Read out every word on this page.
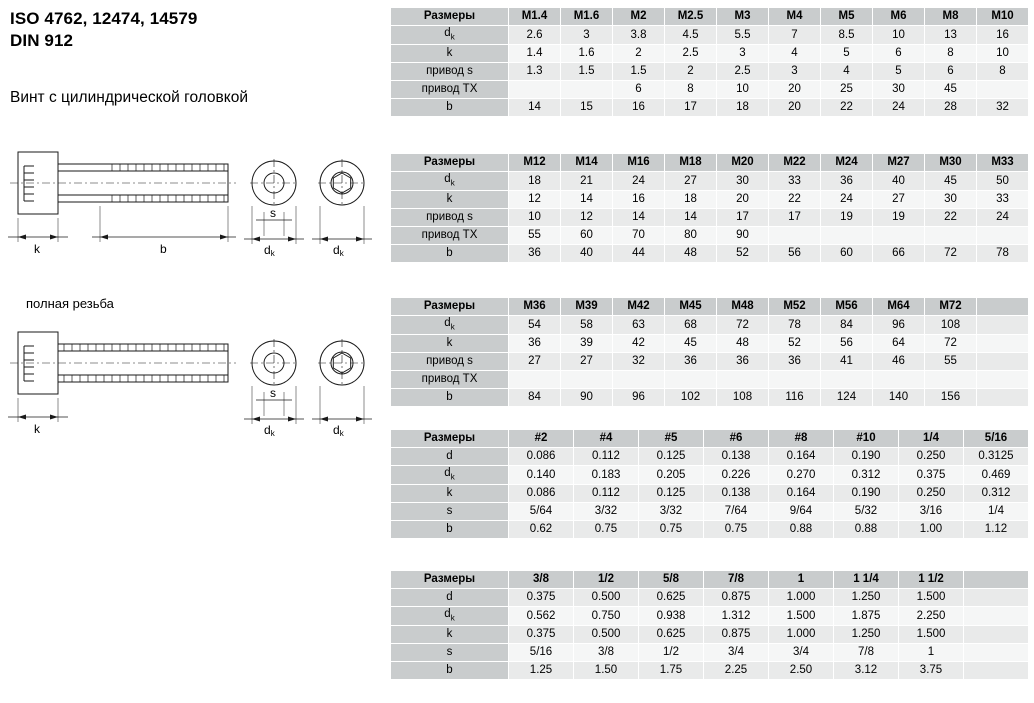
ISO 4762, 12474, 14579
DIN 912
Винт с цилиндрической головкой
k	b
s
dk	dk
полная резьба
k
s
dk	dk
Размеры	M1.4	M1.6	M2	M2.5	M3	M4	M5	M6	M8	M10
$d_k$	2.6	3	3.8	4.5	5.5	7	8.5	10	13	16
k	1.4	1.6	2	2.5	3	4	5	6	8	10
привод s	1.3	1.5	1.5	2	2.5	3	4	5	6	8
привод TX			6	8	10	20	25	30	45	
b	14	15	16	17	18	20	22	24	28	32
Размеры	M12	M14	M16	M18	M20	M22	M24	M27	M30	M33
$d_k$	18	21	24	27	30	33	36	40	45	50
k	12	14	16	18	20	22	24	27	30	33
привод s	10	12	14	14	17	17	19	19	22	24
привод TX	55	60	70	80	90					
b	36	40	44	48	52	56	60	66	72	78
Размеры	M36	M39	M42	M45	M48	M52	M56	M64	M72	
$d_k$	54	58	63	68	72	78	84	96	108	
k	36	39	42	45	48	52	56	64	72	
привод s	27	27	32	36	36	36	41	46	55	
привод TX										
b	84	90	96	102	108	116	124	140	156	
Размеры	#2	#4	#5	#6	#8	#10	1/4	5/16
d	0.086	0.112	0.125	0.138	0.164	0.190	0.250	0.3125
$d_k$	0.140	0.183	0.205	0.226	0.270	0.312	0.375	0.469
k	0.086	0.112	0.125	0.138	0.164	0.190	0.250	0.312
s	5/64	3/32	3/32	7/64	9/64	5/32	3/16	1/4
b	0.62	0.75	0.75	0.75	0.88	0.88	1.00	1.12
Размеры	3/8	1/2	5/8	7/8	1	1 1/4	1 1/2	
d	0.375	0.500	0.625	0.875	1.000	1.250	1.500	
$d_k$	0.562	0.750	0.938	1.312	1.500	1.875	2.250	
k	0.375	0.500	0.625	0.875	1.000	1.250	1.500	
s	5/16	3/8	1/2	3/4	3/4	7/8	1	
b	1.25	1.50	1.75	2.25	2.50	3.12	3.75	
